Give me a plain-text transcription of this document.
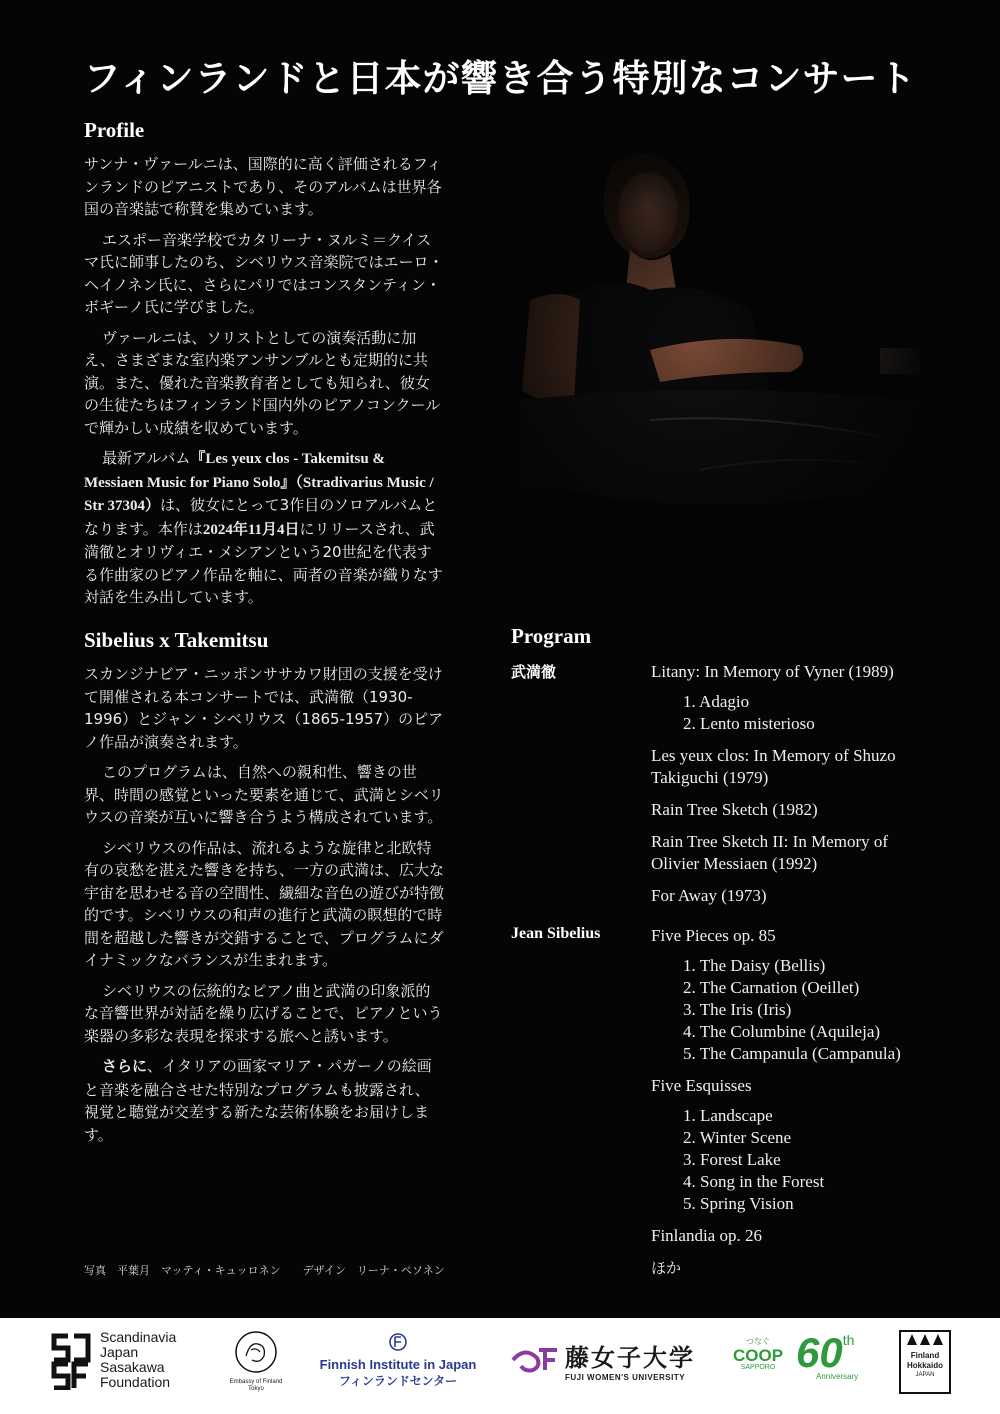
フィンランドと日本が響き合う特別なコンサート
Profile

サンナ・ヴァールニは、国際的に高く評価されるフィンランドのピアニストであり、そのアルバムは世界各国の音楽誌で称賛を集めています。

エスポー音楽学校でカタリーナ・ヌルミ＝クイスマ氏に師事したのち、シベリウス音楽院ではエーロ・ヘイノネン氏に、さらにパリではコンスタンティン・ボギーノ氏に学びました。

ヴァールニは、ソリストとしての演奏活動に加え、さまざまな室内楽アンサンブルとも定期的に共演。また、優れた音楽教育者としても知られ、彼女の生徒たちはフィンランド国内外のピアノコンクールで輝かしい成績を収めています。

最新アルバム『Les yeux clos - Takemitsu & Messiaen Music for Piano Solo』（Stradivarius Music / Str 37304）は、彼女にとって3作目のソロアルバムとなります。本作は2024年11月4日にリリースされ、武満徹とオリヴィエ・メシアンという20世紀を代表する作曲家のピアノ作品を軸に、両者の音楽が織りなす対話を生み出しています。

Sibelius x Takemitsu

スカンジナビア・ニッポンササカワ財団の支援を受けて開催される本コンサートでは、武満徹（1930-1996）とジャン・シベリウス（1865-1957）のピアノ作品が演奏されます。

このプログラムは、自然への親和性、響きの世界、時間の感覚といった要素を通じて、武満とシベリウスの音楽が互いに響き合うよう構成されています。

シベリウスの作品は、流れるような旋律と北欧特有の哀愁を湛えた響きを持ち、一方の武満は、広大な宇宙を思わせる音の空間性、繊細な音色の遊びが特徴的です。シベリウスの和声の進行と武満の瞑想的で時間を超越した響きが交錯することで、プログラムにダイナミックなバランスが生まれます。

シベリウスの伝統的なピアノ曲と武満の印象派的な音響世界が対話を繰り広げることで、ピアノという楽器の多彩な表現を探求する旅へと誘います。

さらに、イタリアの画家マリア・パガーノの絵画と音楽を融合させた特別なプログラムも披露され、視覚と聴覚が交差する新たな芸術体験をお届けします。

写真　平葉月　マッティ・キュッロネン　　デザイン　リーナ・ペソネン
Program
武満徹	Litany: In Memory of Vyner (1989)
1. Adagio
2. Lento misterioso
Les yeux clos: In Memory of Shuzo Takiguchi (1979)
Rain Tree Sketch (1982)
Rain Tree Sketch II: In Memory of Olivier Messiaen (1992)
For Away (1973)
Jean Sibelius	Five Pieces op. 85
1. The Daisy (Bellis)
2. The Carnation (Oeillet)
3. The Iris (Iris)
4. The Columbine (Aquileja)
5. The Campanula (Campanula)
Five Esquisses
1. Landscape
2. Winter Scene
3. Forest Lake
4. Song in the Forest
5. Spring Vision
Finlandia op. 26
ほか
Scandinavia
Japan
Sasakawa
Foundation	Embassy of Finland
Tokyo
Finnish Institute in Japan
フィンランドセンター
藤女子大学
FUJI WOMEN'S UNIVERSITY
つなぐ
COOP
SAPPORO 60th
Anniversary
Finland
Hokkaido
JAPAN
